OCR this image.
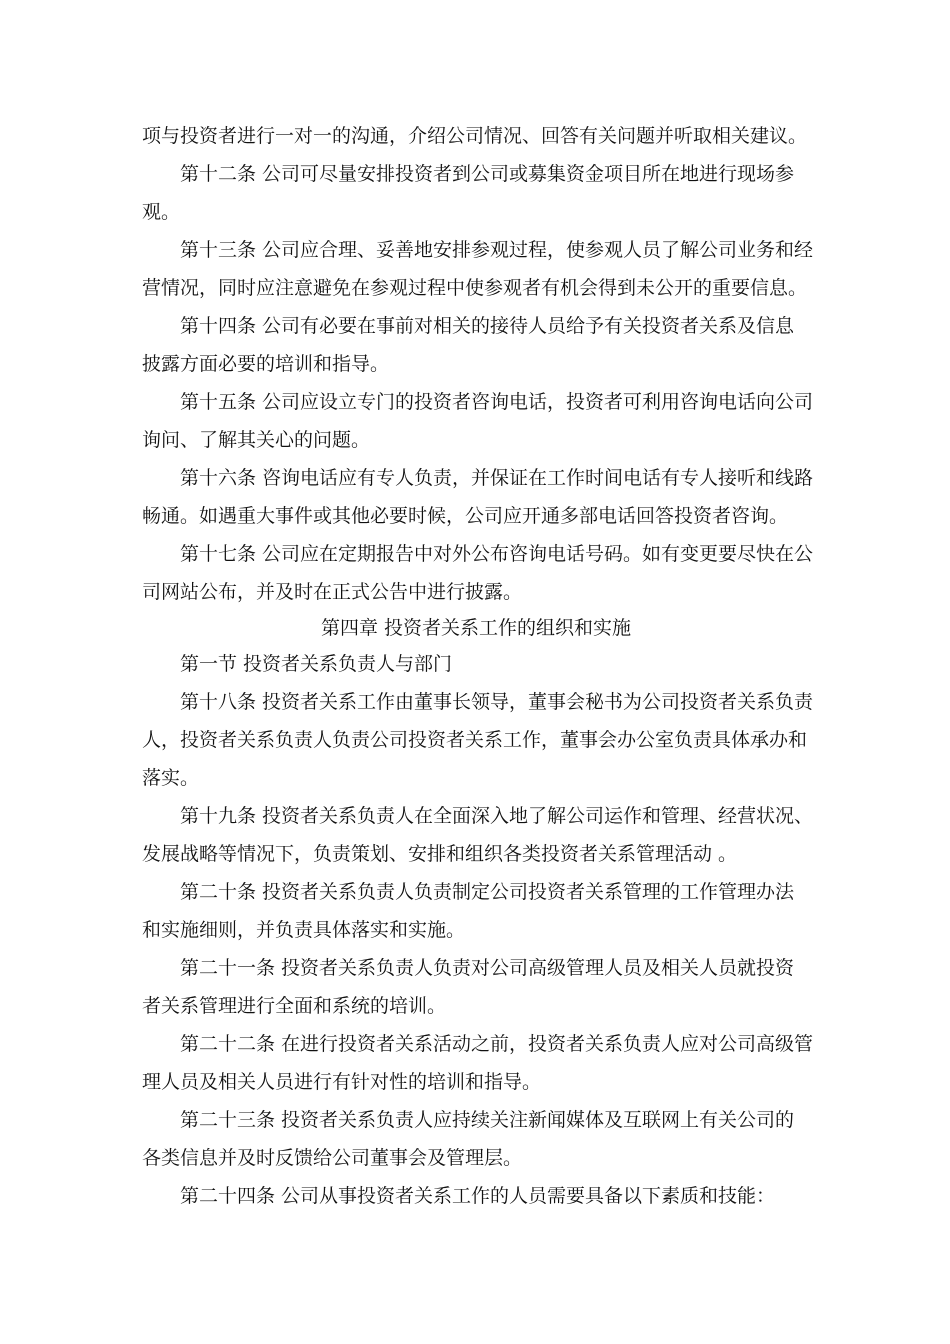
项与投资者进行一对一的沟通，介绍公司情况、回答有关问题并听取相关建议。
第十二条 公司可尽量安排投资者到公司或募集资金项目所在地进行现场参
观。
第十三条 公司应合理、妥善地安排参观过程，使参观人员了解公司业务和经
营情况，同时应注意避免在参观过程中使参观者有机会得到未公开的重要信息。
第十四条 公司有必要在事前对相关的接待人员给予有关投资者关系及信息
披露方面必要的培训和指导。
第十五条 公司应设立专门的投资者咨询电话，投资者可利用咨询电话向公司
询问、了解其关心的问题。
第十六条 咨询电话应有专人负责，并保证在工作时间电话有专人接听和线路
畅通。如遇重大事件或其他必要时候，公司应开通多部电话回答投资者咨询。
第十七条 公司应在定期报告中对外公布咨询电话号码。如有变更要尽快在公
司网站公布，并及时在正式公告中进行披露。
第四章 投资者关系工作的组织和实施
第一节 投资者关系负责人与部门
第十八条 投资者关系工作由董事长领导，董事会秘书为公司投资者关系负责
人，投资者关系负责人负责公司投资者关系工作，董事会办公室负责具体承办和
落实。
第十九条 投资者关系负责人在全面深入地了解公司运作和管理、经营状况、
发展战略等情况下，负责策划、安排和组织各类投资者关系管理活动 。
第二十条 投资者关系负责人负责制定公司投资者关系管理的工作管理办法
和实施细则，并负责具体落实和实施。
第二十一条 投资者关系负责人负责对公司高级管理人员及相关人员就投资
者关系管理进行全面和系统的培训。
第二十二条 在进行投资者关系活动之前，投资者关系负责人应对公司高级管
理人员及相关人员进行有针对性的培训和指导。
第二十三条 投资者关系负责人应持续关注新闻媒体及互联网上有关公司的
各类信息并及时反馈给公司董事会及管理层。
第二十四条 公司从事投资者关系工作的人员需要具备以下素质和技能：
